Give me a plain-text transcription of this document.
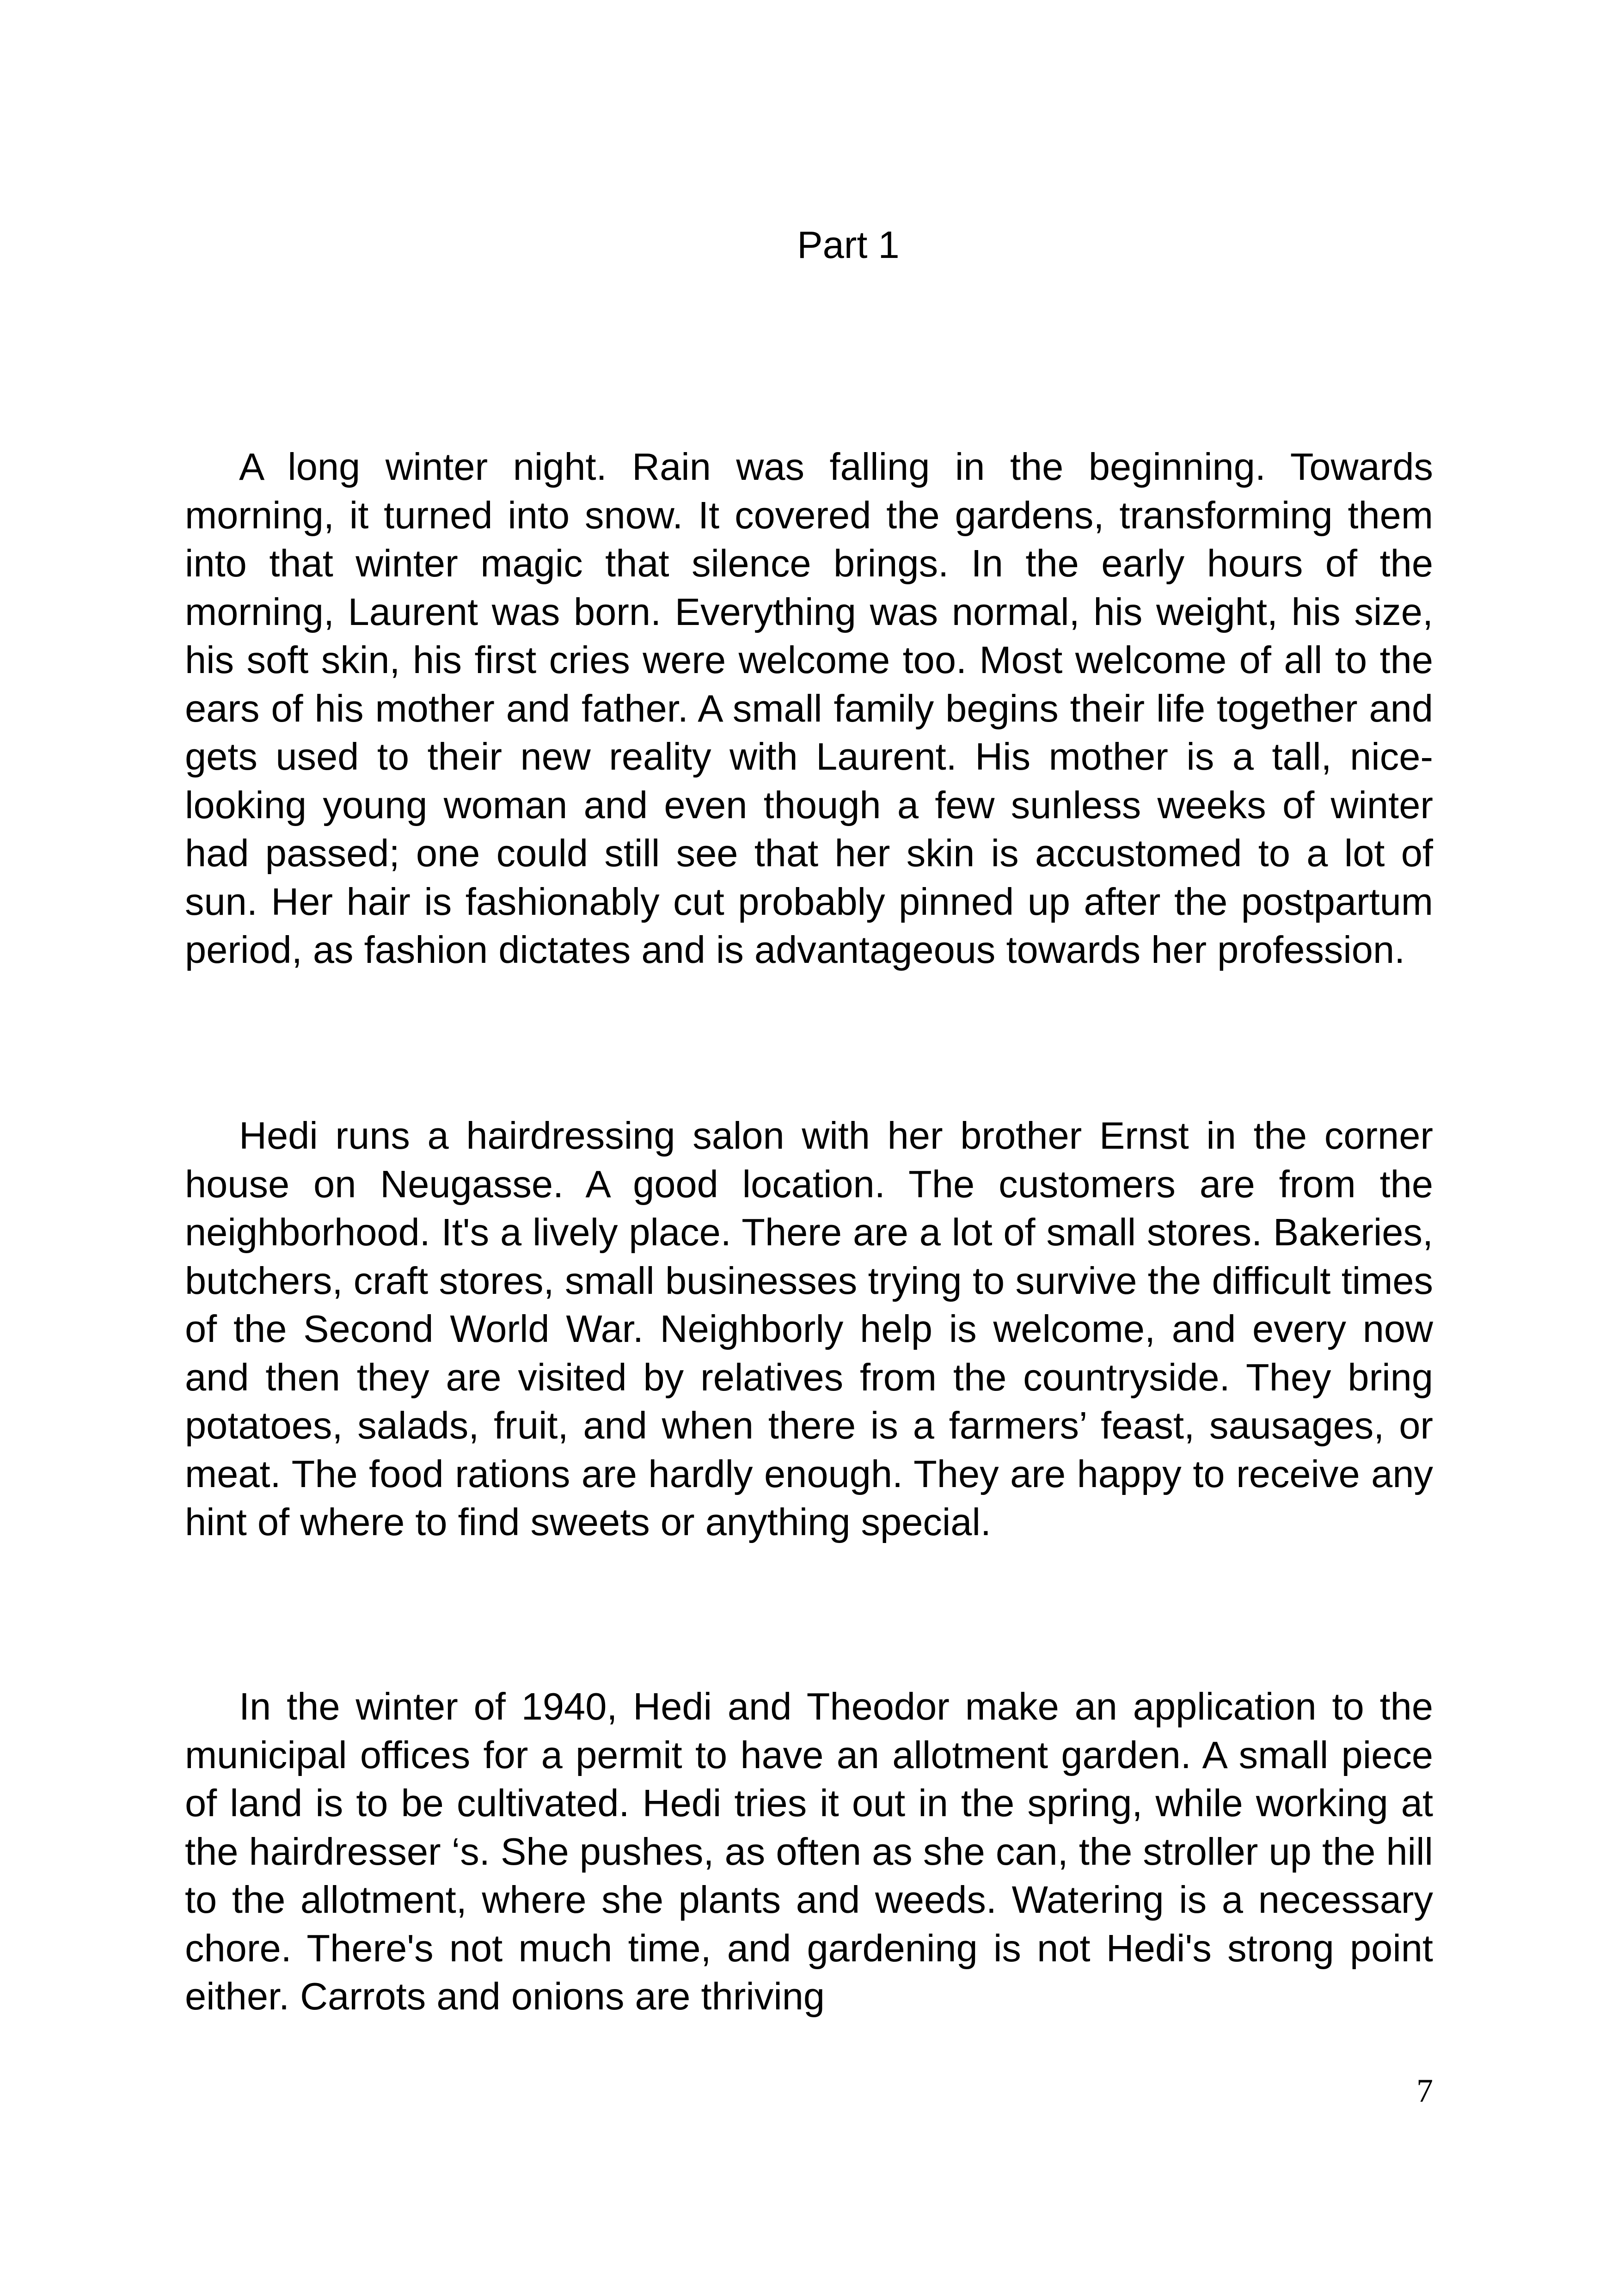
Part 1

A long winter night. Rain was falling in the beginning. Towards morning, it turned into snow. It covered the gardens, transforming them into that winter magic that silence brings. In the early hours of the morning, Laurent was born. Everything was normal, his weight, his size, his soft skin, his first cries were welcome too. Most welcome of all to the ears of his mother and father. A small family begins their life together and gets used to their new reality with Laurent. His mother is a tall, nice-looking young woman and even though a few sunless weeks of winter had passed; one could still see that her skin is accustomed to a lot of sun. Her hair is fashionably cut probably pinned up after the postpartum period, as fashion dictates and is advantageous towards her profession.

Hedi runs a hairdressing salon with her brother Ernst in the corner house on Neugasse. A good location. The customers are from the neighborhood. It's a lively place. There are a lot of small stores. Bakeries, butchers, craft stores, small businesses trying to survive the difficult times of the Second World War. Neighborly help is welcome, and every now and then they are visited by relatives from the countryside. They bring potatoes, salads, fruit, and when there is a farmers’ feast, sausages, or meat. The food rations are hardly enough. They are happy to receive any hint of where to find sweets or anything special.

In the winter of 1940, Hedi and Theodor make an application to the municipal offices for a permit to have an allotment garden. A small piece of land is to be cultivated. Hedi tries it out in the spring, while working at the hairdresser ‘s. She pushes, as often as she can, the stroller up the hill to the allotment, where she plants and weeds. Watering is a necessary chore. There's not much time, and gardening is not Hedi's strong point either. Carrots and onions are thriving

7
